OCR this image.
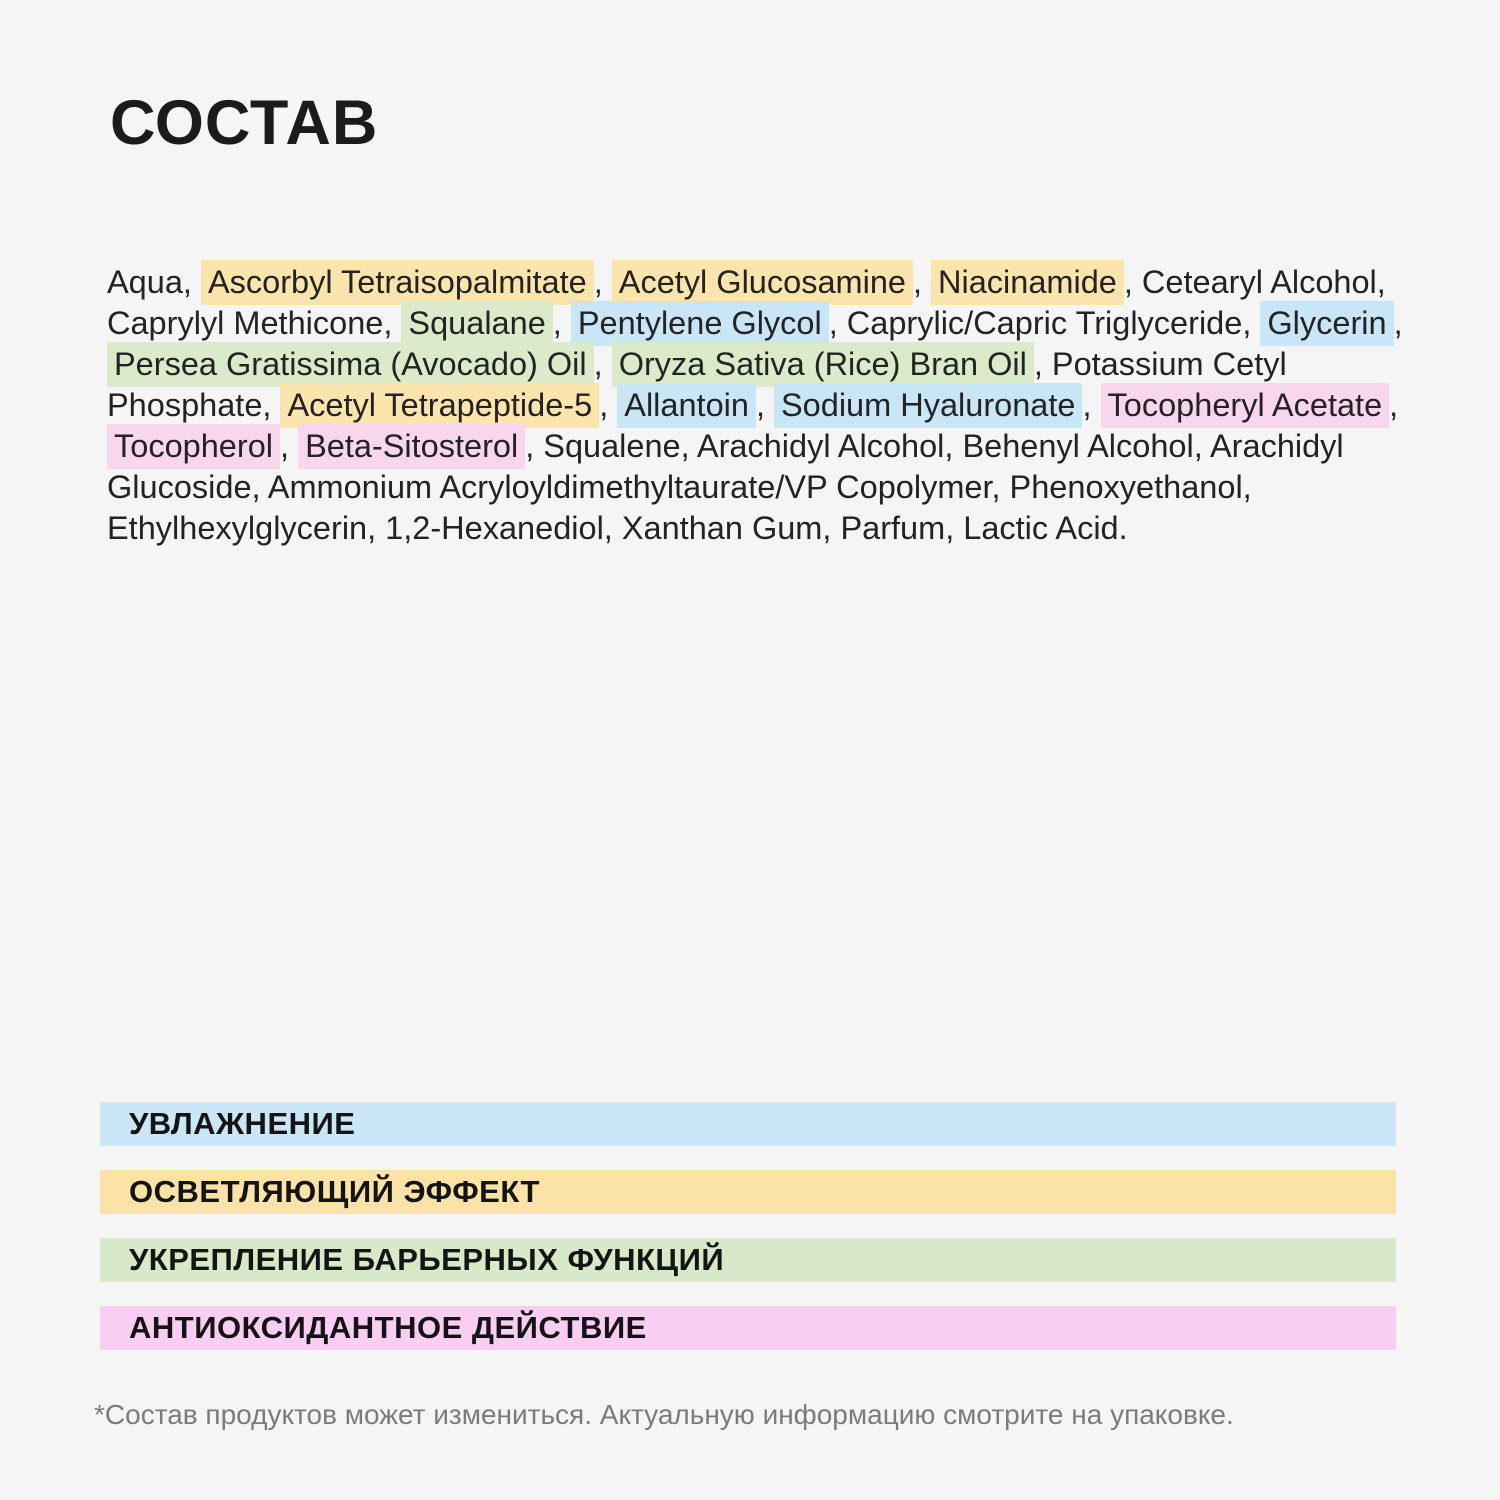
СОСТАВ

Aqua, Ascorbyl Tetraisopalmitate , Acetyl Glucosamine , Niacinamide , Cetearyl Alcohol, Caprylyl Methicone, Squalane , Pentylene Glycol , Caprylic/Capric Triglyceride, Glycerin , Persea Gratissima (Avocado) Oil , Oryza Sativa (Rice) Bran Oil , Potassium Cetyl Phosphate, Acetyl Tetrapeptide-5 , Allantoin , Sodium Hyaluronate , Tocopheryl Acetate , Tocopherol , Beta-Sitosterol , Squalene, Arachidyl Alcohol, Behenyl Alcohol, Arachidyl Glucoside, Ammonium Acryloyldimethyltaurate/VP Copolymer, Phenoxyethanol, Ethylhexylglycerin, 1,2-Hexanediol, Xanthan Gum, Parfum, Lactic Acid.

УВЛАЖНЕНИЕ
ОСВЕТЛЯЮЩИЙ ЭФФЕКТ
УКРЕПЛЕНИЕ БАРЬЕРНЫХ ФУНКЦИЙ
АНТИОКСИДАНТНОЕ ДЕЙСТВИЕ

*Состав продуктов может измениться. Актуальную информацию смотрите на упаковке.
